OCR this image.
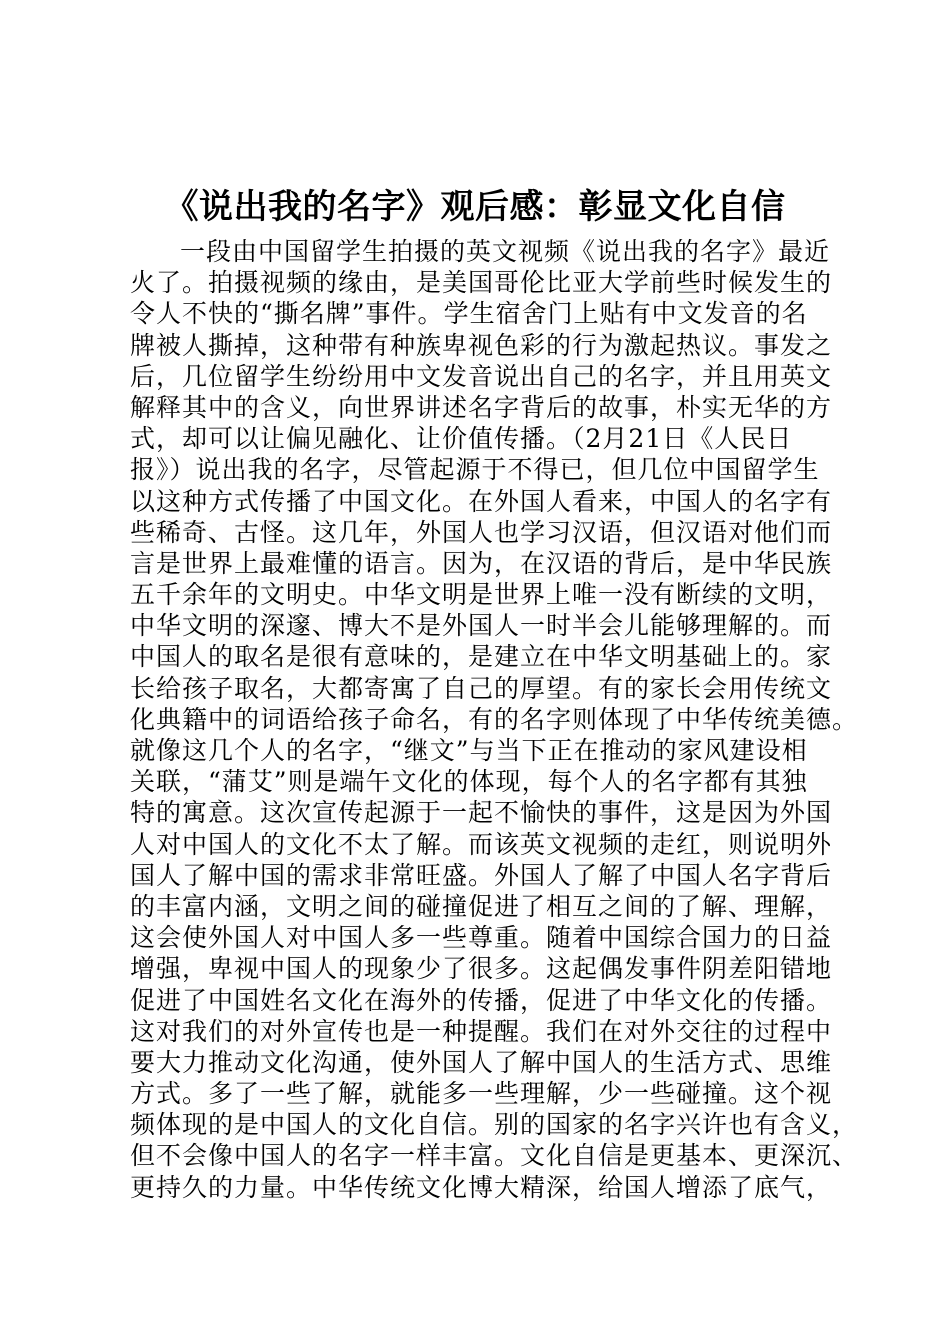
《说出我的名字》观后感：彰显文化自信
一段由中国留学生拍摄的英文视频《说出我的名字》最近
火了。拍摄视频的缘由，是美国哥伦比亚大学前些时候发生的
令人不快的“撕名牌”事件。学生宿舍门上贴有中文发音的名
牌被人撕掉，这种带有种族卑视色彩的行为激起热议。事发之
后，几位留学生纷纷用中文发音说出自己的名字，并且用英文
解释其中的含义，向世界讲述名字背后的故事，朴实无华的方
式，却可以让偏见融化、让价值传播。（2月21日《人民日
报》）说出我的名字，尽管起源于不得已，但几位中国留学生
以这种方式传播了中国文化。在外国人看来，中国人的名字有
些稀奇、古怪。这几年，外国人也学习汉语，但汉语对他们而
言是世界上最难懂的语言。因为，在汉语的背后，是中华民族
五千余年的文明史。中华文明是世界上唯一没有断续的文明，
中华文明的深邃、博大不是外国人一时半会儿能够理解的。而
中国人的取名是很有意味的，是建立在中华文明基础上的。家
长给孩子取名，大都寄寓了自己的厚望。有的家长会用传统文
化典籍中的词语给孩子命名，有的名字则体现了中华传统美德。
就像这几个人的名字，“继文”与当下正在推动的家风建设相
关联，“蒲艾”则是端午文化的体现，每个人的名字都有其独
特的寓意。这次宣传起源于一起不愉快的事件，这是因为外国
人对中国人的文化不太了解。而该英文视频的走红，则说明外
国人了解中国的需求非常旺盛。外国人了解了中国人名字背后
的丰富内涵，文明之间的碰撞促进了相互之间的了解、理解，
这会使外国人对中国人多一些尊重。随着中国综合国力的日益
增强，卑视中国人的现象少了很多。这起偶发事件阴差阳错地
促进了中国姓名文化在海外的传播，促进了中华文化的传播。
这对我们的对外宣传也是一种提醒。我们在对外交往的过程中
要大力推动文化沟通，使外国人了解中国人的生活方式、思维
方式。多了一些了解，就能多一些理解，少一些碰撞。这个视
频体现的是中国人的文化自信。别的国家的名字兴许也有含义，
但不会像中国人的名字一样丰富。文化自信是更基本、更深沉、
更持久的力量。中华传统文化博大精深，给国人增添了底气，
